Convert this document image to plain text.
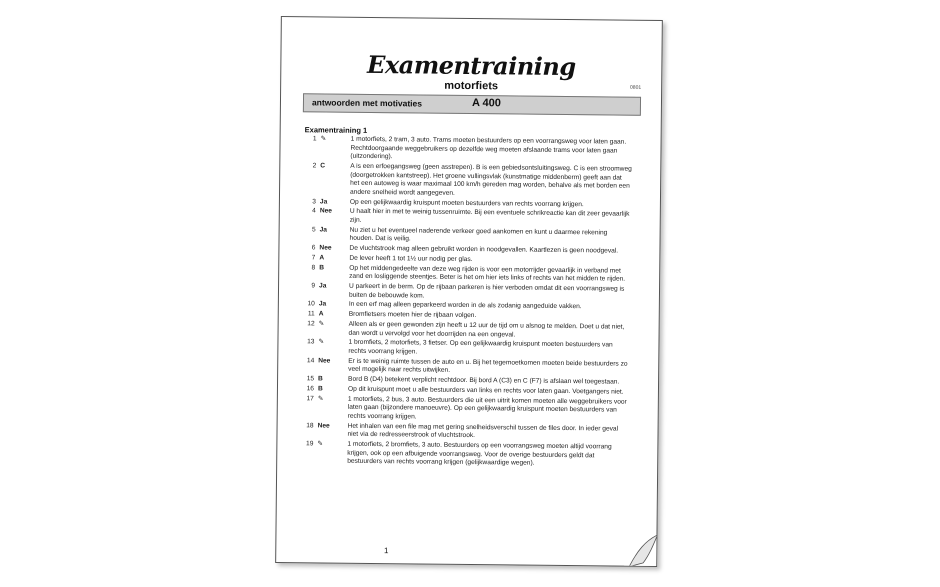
Examentraining
motorfiets	0801
antwoorden met motivaties	A 400
Examentraining 1
1 ✎	1 motorfiets, 2 tram, 3 auto. Trams moeten bestuurders op een voorrangsweg voor laten gaan. Rechtdoorgaande weggebruikers op dezelfde weg moeten afslaande trams voor laten gaan (uitzondering).
2 C	A is een erfoegangsweg (geen asstrepen). B is een gebiedsontsluitingsweg. C is een stroomweg (doorgetrokken kantstreep). Het groene vullingsvlak (kunstmatige middenberm) geeft aan dat het een autoweg is waar maximaal 100 km/h gereden mag worden, behalve als met borden een andere snelheid wordt aangegeven.
3 Ja	Op een gelijkwaardig kruispunt moeten bestuurders van rechts voorrang krijgen.
4 Nee	U haalt hier in met te weinig tussenruimte. Bij een eventuele schrikreactie kan dit zeer gevaarlijk zijn.
5 Ja	Nu ziet u het eventueel naderende verkeer goed aankomen en kunt u daarmee rekening houden. Dat is veilig.
6 Nee	De vluchtstrook mag alleen gebruikt worden in noodgevallen. Kaartlezen is geen noodgeval.
7 A	De lever heeft 1 tot 1½ uur nodig per glas.
8 B	Op het middengedeelte van deze weg rijden is voor een motorrijder gevaarlijk in verband met zand en losliggende steentjes. Beter is het om hier iets links of rechts van het midden te rijden.
9 Ja	U parkeert in de berm. Op de rijbaan parkeren is hier verboden omdat dit een voorrangsweg is buiten de bebouwde kom.
10 Ja	In een erf mag alleen geparkeerd worden in de als zodanig aangeduide vakken.
11 A	Bromfietsers moeten hier de rijbaan volgen.
12 ✎	Alleen als er geen gewonden zijn heeft u 12 uur de tijd om u alsnog te melden. Doet u dat niet, dan wordt u vervolgd voor het doorrijden na een ongeval.
13 ✎	1 bromfiets, 2 motorfiets, 3 fietser. Op een gelijkwaardig kruispunt moeten bestuurders van rechts voorrang krijgen.
14 Nee	Er is te weinig ruimte tussen de auto en u. Bij het tegemoetkomen moeten beide bestuurders zo veel mogelijk naar rechts uitwijken.
15 B	Bord B (D4) betekent verplicht rechtdoor. Bij bord A (C3) en C (F7) is afslaan wel toegestaan.
16 B	Op dit kruispunt moet u alle bestuurders van links en rechts voor laten gaan. Voetgangers niet.
17 ✎	1 motorfiets, 2 bus, 3 auto. Bestuurders die uit een uitrit komen moeten alle weggebruikers voor laten gaan (bijzondere manoeuvre). Op een gelijkwaardig kruispunt moeten bestuurders van rechts voorrang krijgen.
18 Nee	Het inhalen van een file mag met gering snelheidsverschil tussen de files door. In ieder geval niet via de redresseerstrook of vluchtstrook.
19 ✎	1 motorfiets, 2 bromfiets, 3 auto. Bestuurders op een voorrangsweg moeten altijd voorrang krijgen, ook op een afbuigende voorrangsweg. Voor de overige bestuurders geldt dat bestuurders van rechts voorrang krijgen (gelijkwaardige wegen).
1
